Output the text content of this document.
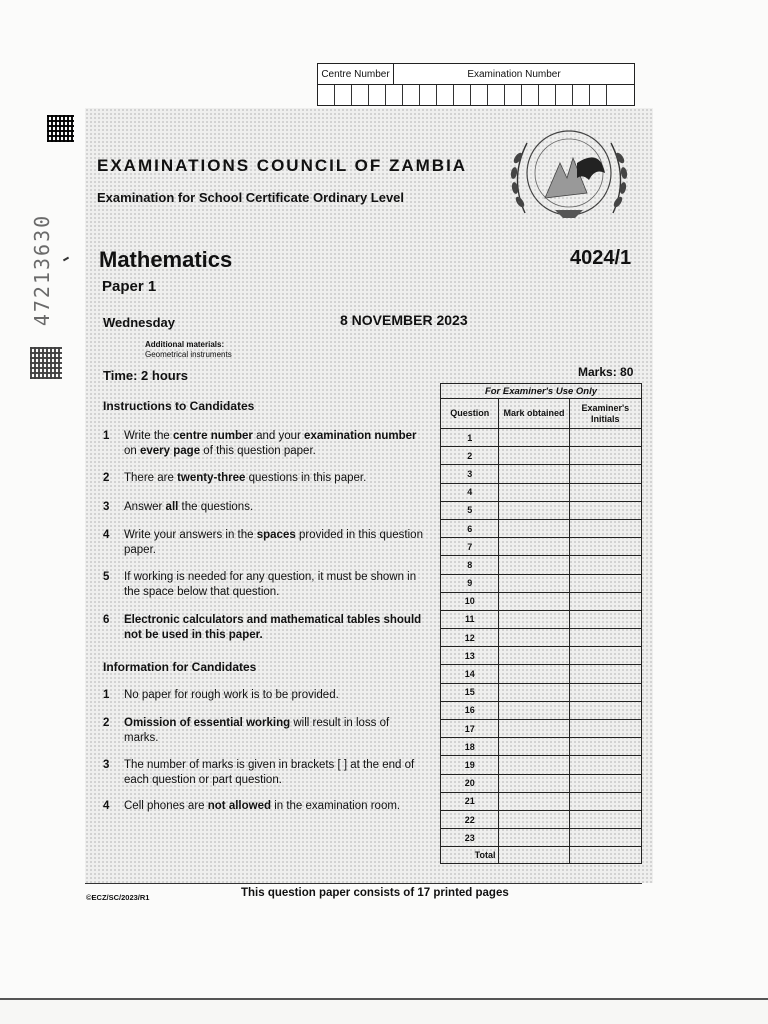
Centre Number	Examination Number
47213630
EXAMINATIONS COUNCIL OF ZAMBIA
Examination for School Certificate Ordinary Level
Mathematics	4024/1
Paper 1
Wednesday	8 NOVEMBER 2023
Additional materials:
Geometrical instruments
Time: 2 hours	Marks: 80
Instructions to Candidates
1 Write the centre number and your examination number on every page of this question paper.
2 There are twenty-three questions in this paper.
3 Answer all the questions.
4 Write your answers in the spaces provided in this question paper.
5 If working is needed for any question, it must be shown in the space below that question.
6 Electronic calculators and mathematical tables should not be used in this paper.
Information for Candidates
1 No paper for rough work is to be provided.
2 Omission of essential working will result in loss of marks.
3 The number of marks is given in brackets [ ] at the end of each question or part question.
4 Cell phones are not allowed in the examination room.
For Examiner's Use Only		
Question	Mark obtained	Examiner's Initials
1		
2		
3		
4		
5		
6		
7		
8		
9		
10		
11		
12		
13		
14		
15		
16		
17		
18		
19		
20		
21		
22		
23		
Total		
©ECZ/SC/2023/R1	This question paper consists of 17 printed pages
